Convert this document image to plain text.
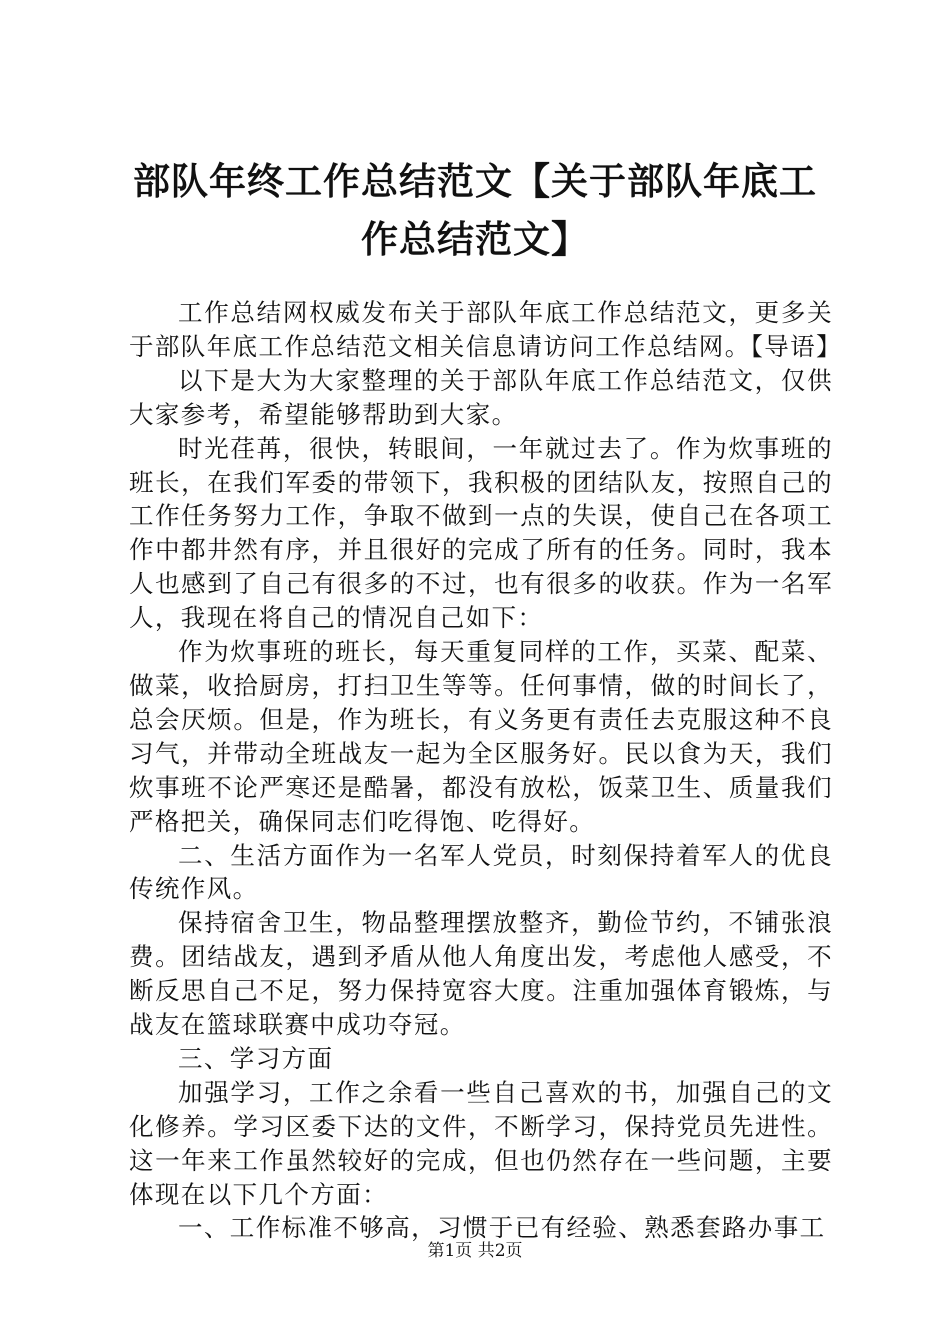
部队年终工作总结范文【关于部队年底工作总结范文】

工作总结网权威发布关于部队年底工作总结范文，更多关于部队年底工作总结范文相关信息请访问工作总结网。【导语】

以下是大为大家整理的关于部队年底工作总结范文，仅供大家参考，希望能够帮助到大家。

时光荏苒，很快，转眼间，一年就过去了。作为炊事班的班长，在我们军委的带领下，我积极的团结队友，按照自己的工作任务努力工作，争取不做到一点的失误，使自己在各项工作中都井然有序，并且很好的完成了所有的任务。同时，我本人也感到了自己有很多的不过，也有很多的收获。作为一名军人，我现在将自己的情况自己如下：

作为炊事班的班长，每天重复同样的工作，买菜、配菜、做菜，收拾厨房，打扫卫生等等。任何事情，做的时间长了，总会厌烦。但是，作为班长，有义务更有责任去克服这种不良习气，并带动全班战友一起为全区服务好。民以食为天，我们炊事班不论严寒还是酷暑，都没有放松，饭菜卫生、质量我们严格把关，确保同志们吃得饱、吃得好。

二、生活方面作为一名军人党员，时刻保持着军人的优良传统作风。

保持宿舍卫生，物品整理摆放整齐，勤俭节约，不铺张浪费。团结战友，遇到矛盾从他人角度出发，考虑他人感受，不断反思自己不足，努力保持宽容大度。注重加强体育锻炼，与战友在篮球联赛中成功夺冠。

三、学习方面

加强学习，工作之余看一些自己喜欢的书，加强自己的文化修养。学习区委下达的文件，不断学习，保持党员先进性。这一年来工作虽然较好的完成，但也仍然存在一些问题，主要体现在以下几个方面：

一、工作标准不够高，习惯于已有经验、熟悉套路办事工

第1页 共2页
